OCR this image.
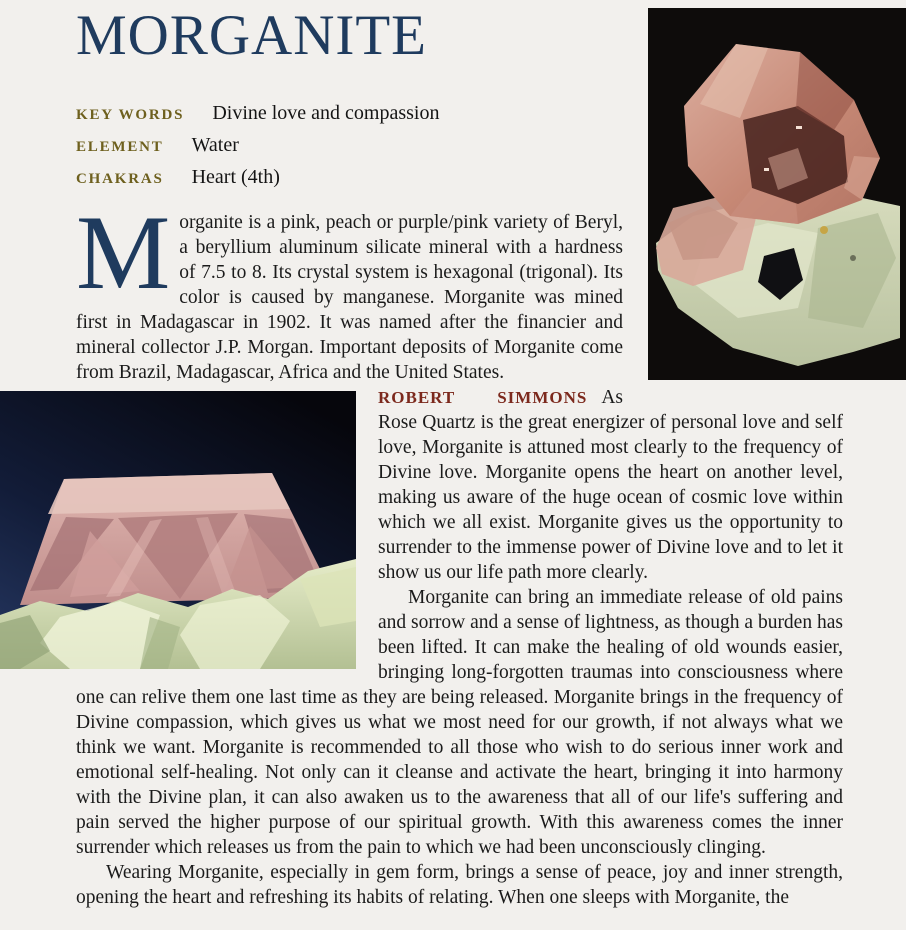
MORGANITE
KEY WORDS Divine love and compassion
ELEMENT Water
CHAKRAS Heart (4th)

Morganite is a pink, peach or purple/pink variety of Beryl, a beryllium aluminum silicate mineral with a hardness of 7.5 to 8. Its crystal system is hexagonal (trigonal). Its color is caused by manganese. Morganite was mined first in Madagascar in 1902. It was named after the financier and mineral collector J.P. Morgan. Important deposits of Morganite come from Brazil, Madagascar, Africa and the United States.

ROBERT SIMMONS As Rose Quartz is the great energizer of personal love and self love, Morganite is attuned most clearly to the frequency of Divine love. Morganite opens the heart on another level, making us aware of the huge ocean of cosmic love within which we all exist. Morganite gives us the opportunity to surrender to the immense power of Divine love and to let it show us our life path more clearly.

Morganite can bring an immediate release of old pains and sorrow and a sense of lightness, as though a burden has been lifted. It can make the healing of old wounds easier, bringing long-forgotten traumas into consciousness where one can relive them one last time as they are being released. Morganite brings in the frequency of Divine compassion, which gives us what we most need for our growth, if not always what we think we want. Morganite is recommended to all those who wish to do serious inner work and emotional self-healing. Not only can it cleanse and activate the heart, bringing it into harmony with the Divine plan, it can also awaken us to the awareness that all of our life's suffering and pain served the higher purpose of our spiritual growth. With this awareness comes the inner surrender which releases us from the pain to which we had been unconsciously clinging.

Wearing Morganite, especially in gem form, brings a sense of peace, joy and inner strength, opening the heart and refreshing its habits of relating. When one sleeps with Morganite, the
